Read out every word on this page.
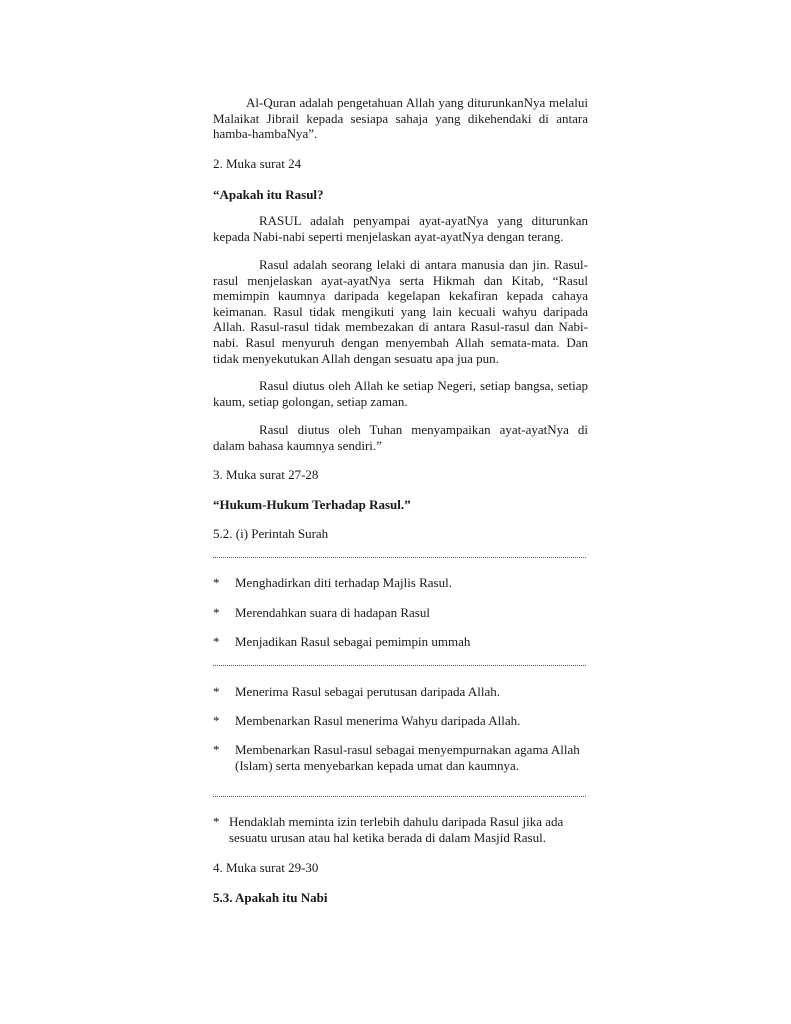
Al-Quran adalah pengetahuan Allah yang diturunkanNya melalui Malaikat Jibrail kepada sesiapa sahaja yang dikehendaki di antara hamba-hambaNya”.

2. Muka surat 24

“Apakah itu Rasul?

RASUL adalah penyampai ayat-ayatNya yang diturunkan kepada Nabi-nabi seperti menjelaskan ayat-ayatNya dengan terang.

Rasul adalah seorang lelaki di antara manusia dan jin. Rasul-rasul menjelaskan ayat-ayatNya serta Hikmah dan Kitab, “Rasul memimpin kaumnya daripada kegelapan kekafiran kepada cahaya keimanan. Rasul tidak mengikuti yang lain kecuali wahyu daripada Allah. Rasul-rasul tidak membezakan di antara Rasul-rasul dan Nabi-nabi. Rasul menyuruh dengan menyembah Allah semata-mata. Dan tidak menyekutukan Allah dengan sesuatu apa jua pun.

Rasul diutus oleh Allah ke setiap Negeri, setiap bangsa, setiap kaum, setiap golongan, setiap zaman.

Rasul diutus oleh Tuhan menyampaikan ayat-ayatNya di dalam bahasa kaumnya sendiri.”

3. Muka surat 27-28

“Hukum-Hukum Terhadap Rasul.”

5.2. (i) Perintah Surah

* Menghadirkan diti terhadap Majlis Rasul.
* Merendahkan suara di hadapan Rasul
* Menjadikan Rasul sebagai pemimpin ummah
* Menerima Rasul sebagai perutusan daripada Allah.
* Membenarkan Rasul menerima Wahyu daripada Allah.
* Membenarkan Rasul-rasul sebagai menyempurnakan agama Allah (Islam) serta menyebarkan kepada umat dan kaumnya.
* Hendaklah meminta izin terlebih dahulu daripada Rasul jika ada sesuatu urusan atau hal ketika berada di dalam Masjid Rasul.

4. Muka surat 29-30

5.3. Apakah itu Nabi
